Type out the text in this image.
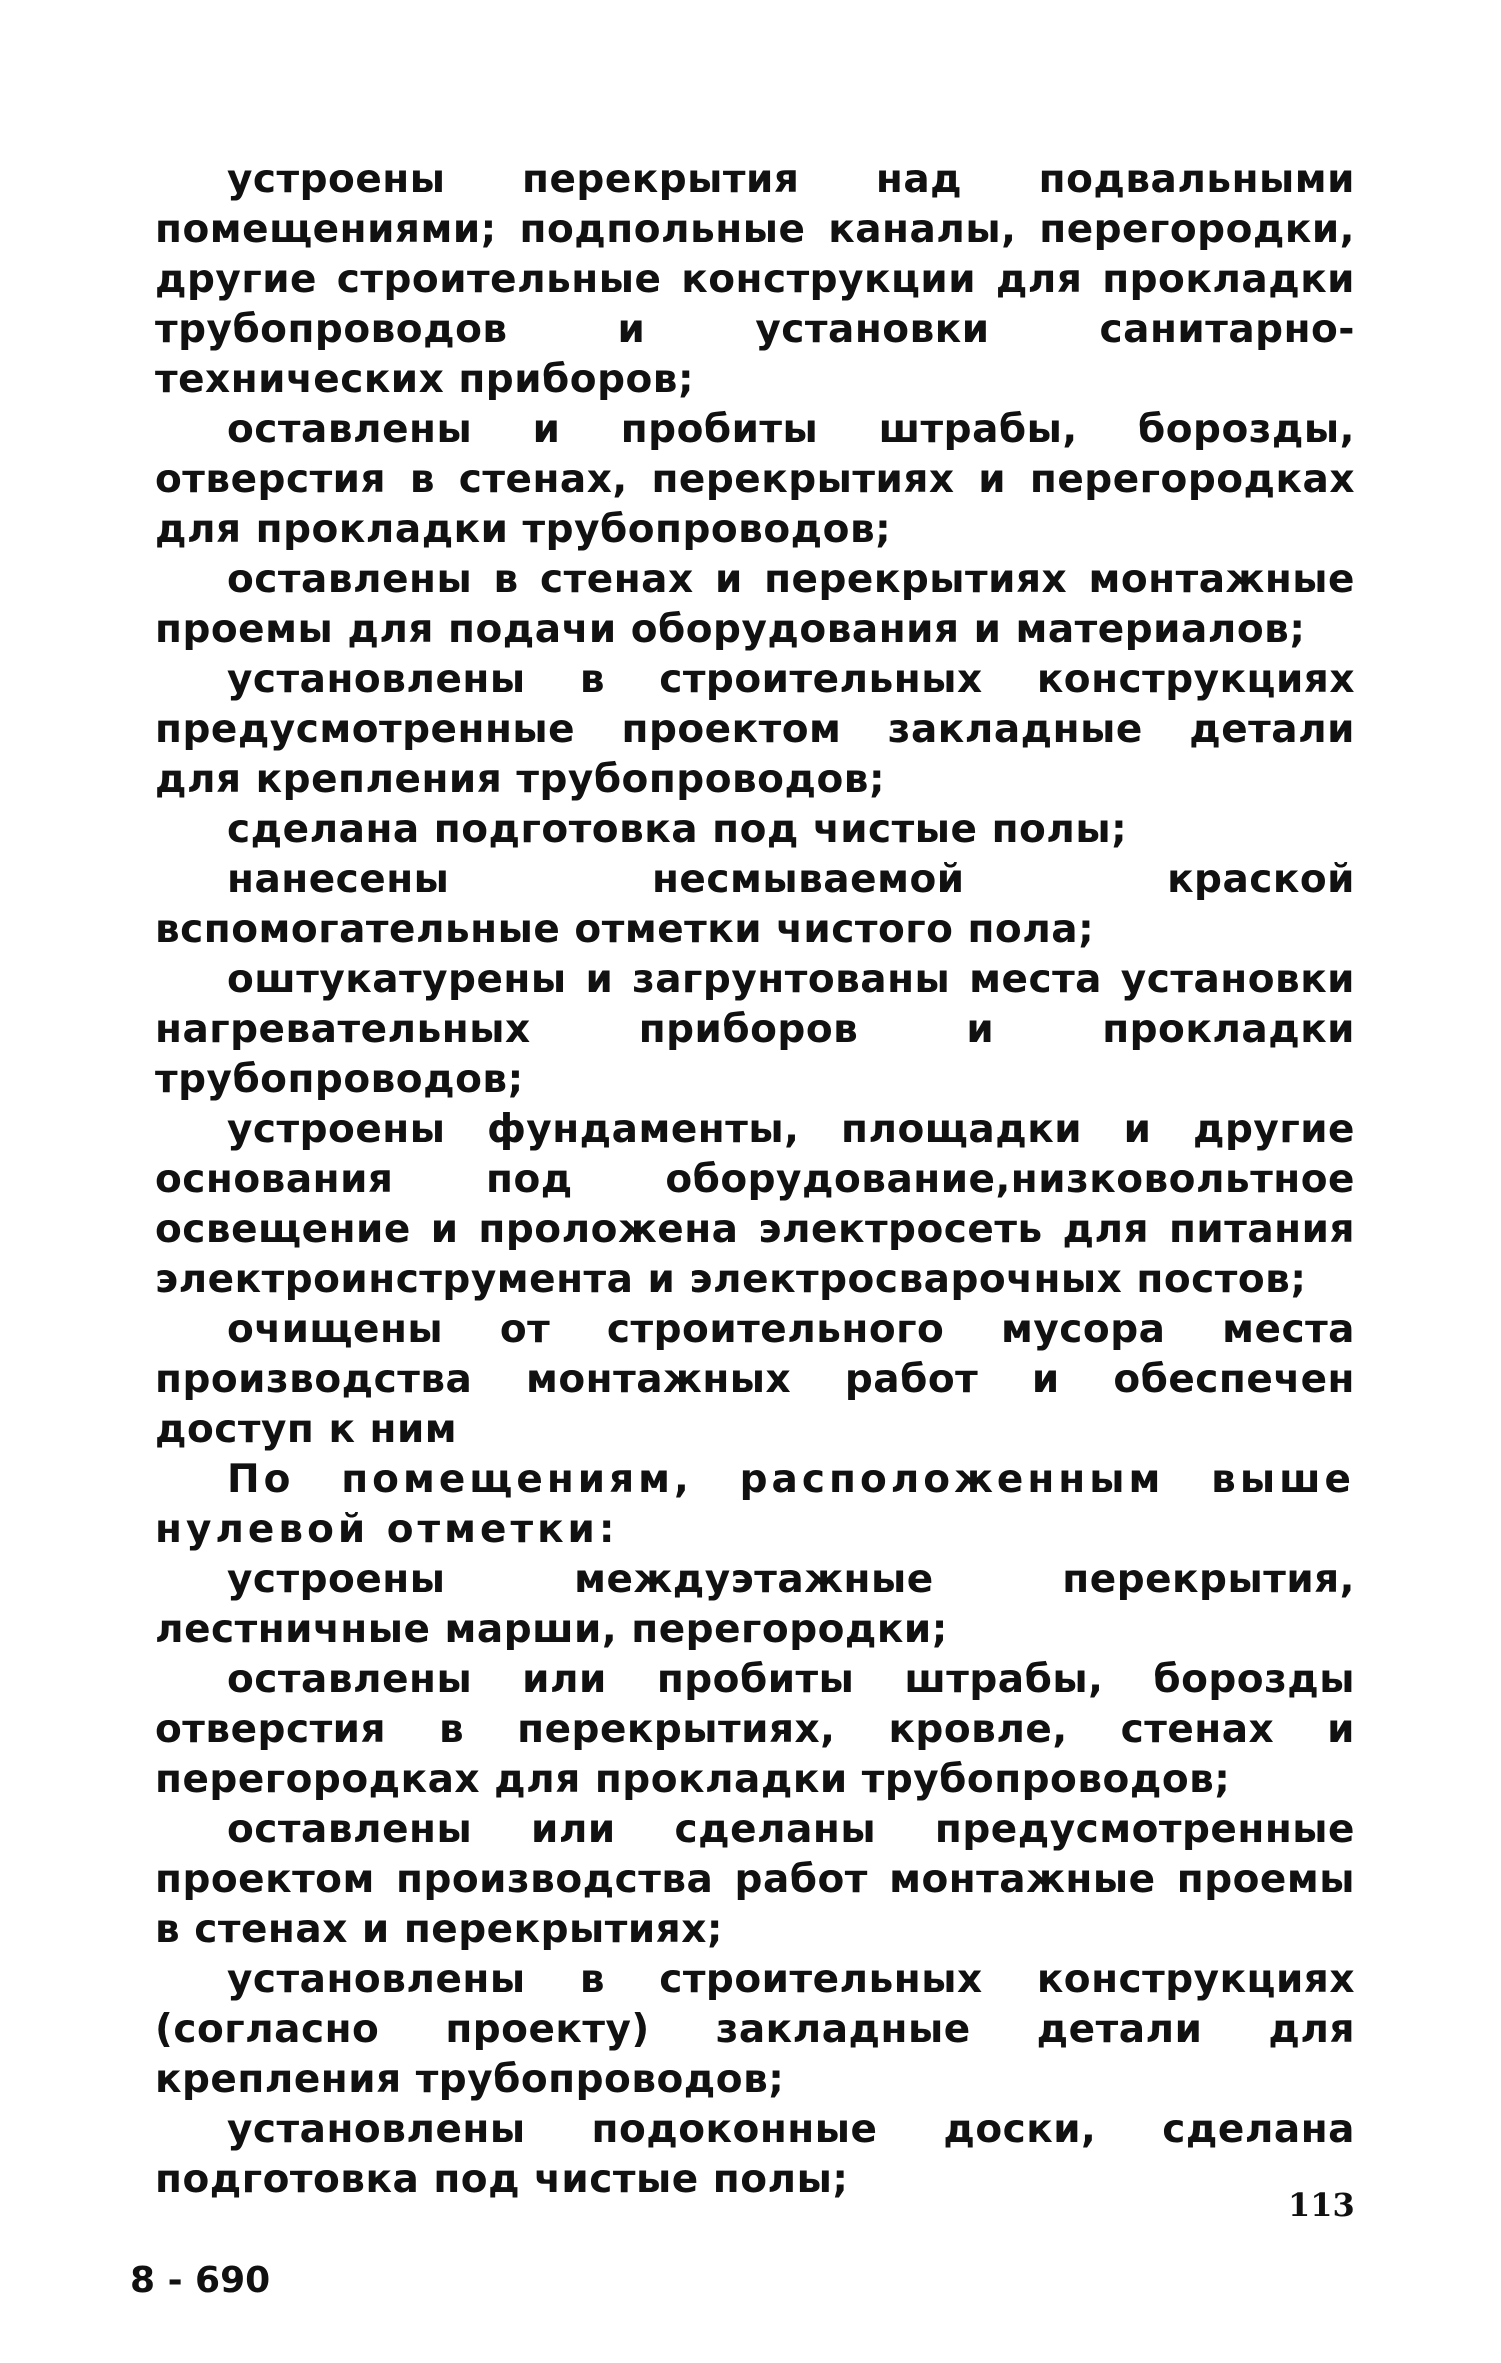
устроены перекрытия над подвальными помещениями; подпольные каналы, перегородки, другие строительные конструкции для прокладки трубопроводов и установки санитарно-технических приборов;

оставлены и пробиты штрабы, борозды, отверстия в стенах, перекрытиях и перегородках для прокладки трубопроводов;

оставлены в стенах и перекрытиях монтажные проемы для подачи оборудования и материалов;

установлены в строительных конструкциях предусмотренные проектом закладные детали для крепления трубопроводов;

сделана подготовка под чистые полы;

нанесены несмываемой краской вспомогательные отметки чистого пола;

оштукатурены и загрунтованы места установки нагревательных приборов и прокладки трубопроводов;

устроены фундаменты, площадки и другие основания под оборудование,низковольтное освещение и проложена электросеть для питания электроинструмента и электросварочных постов;

очищены от строительного мусора места производства монтажных работ и обеспечен доступ к ним

По помещениям, расположенным выше нулевой отметки:

устроены междуэтажные перекрытия, лестничные марши, перегородки;

оставлены или пробиты штрабы, борозды отверстия в перекрытиях, кровле, стенах и перегородках для прокладки трубопроводов;

оставлены или сделаны предусмотренные проектом производства работ монтажные проемы в стенах и перекрытиях;

установлены в строительных конструкциях (согласно проекту) закладные детали для крепления трубопроводов;

установлены подоконные доски, сделана подготовка под чистые полы;

113
8 - 690
